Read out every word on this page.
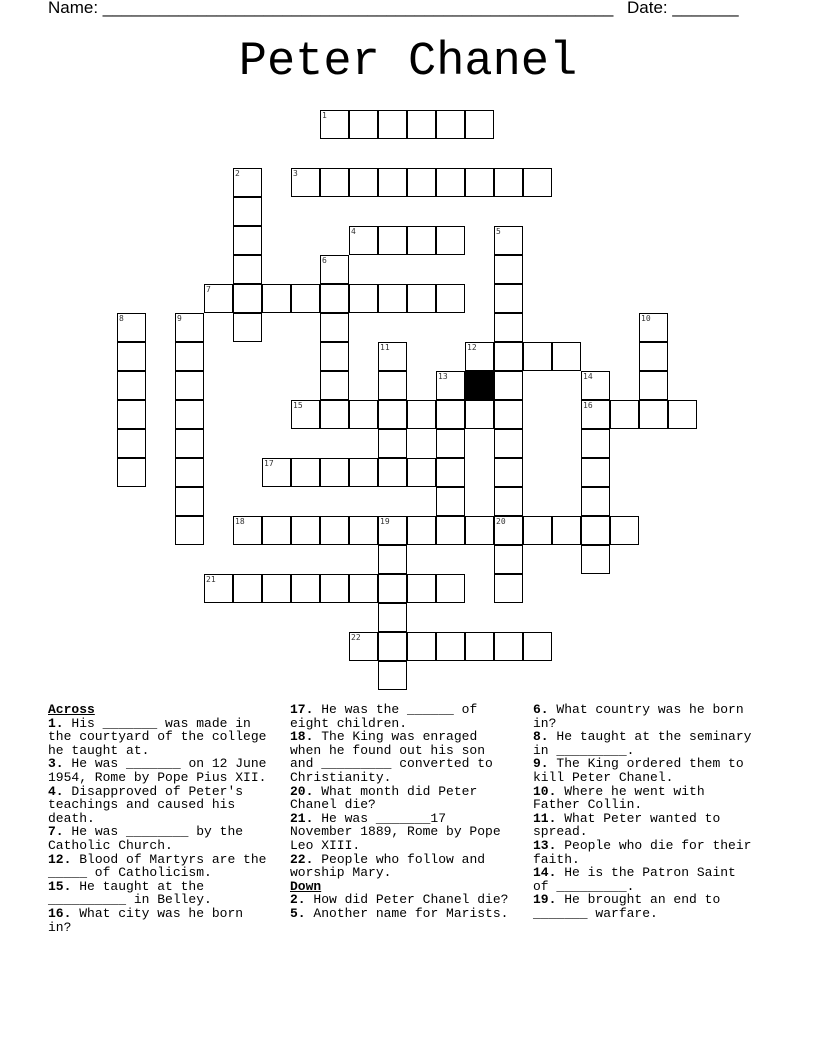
Name: ______________________________________________________ Date: _______
Peter Chanel
1
2	3
4	5
20
6
7
8	9	10
11	12
13	14
16
15
17
18	19
21
22
Across
1. His _______ was made in the courtyard of the college he taught at.
3. He was _______ on 12 June 1954, Rome by Pope Pius XII.
4. Disapproved of Peter's teachings and caused his death.
7. He was ________ by the Catholic Church.
12. Blood of Martyrs are the _____ of Catholicism.
15. He taught at the __________ in Belley.
16. What city was he born in?
17. He was the ______ of eight children.
18. The King was enraged when he found out his son and _________ converted to Christianity.
20. What month did Peter Chanel die?
21. He was _______17 November 1889, Rome by Pope Leo XIII.
22. People who follow and worship Mary.
Down
2. How did Peter Chanel die?
5. Another name for Marists.
6. What country was he born in?
8. He taught at the seminary in _________.
9. The King ordered them to kill Peter Chanel.
10. Where he went with Father Collin.
11. What Peter wanted to spread.
13. People who die for their faith.
14. He is the Patron Saint of _________.
19. He brought an end to _______ warfare.
